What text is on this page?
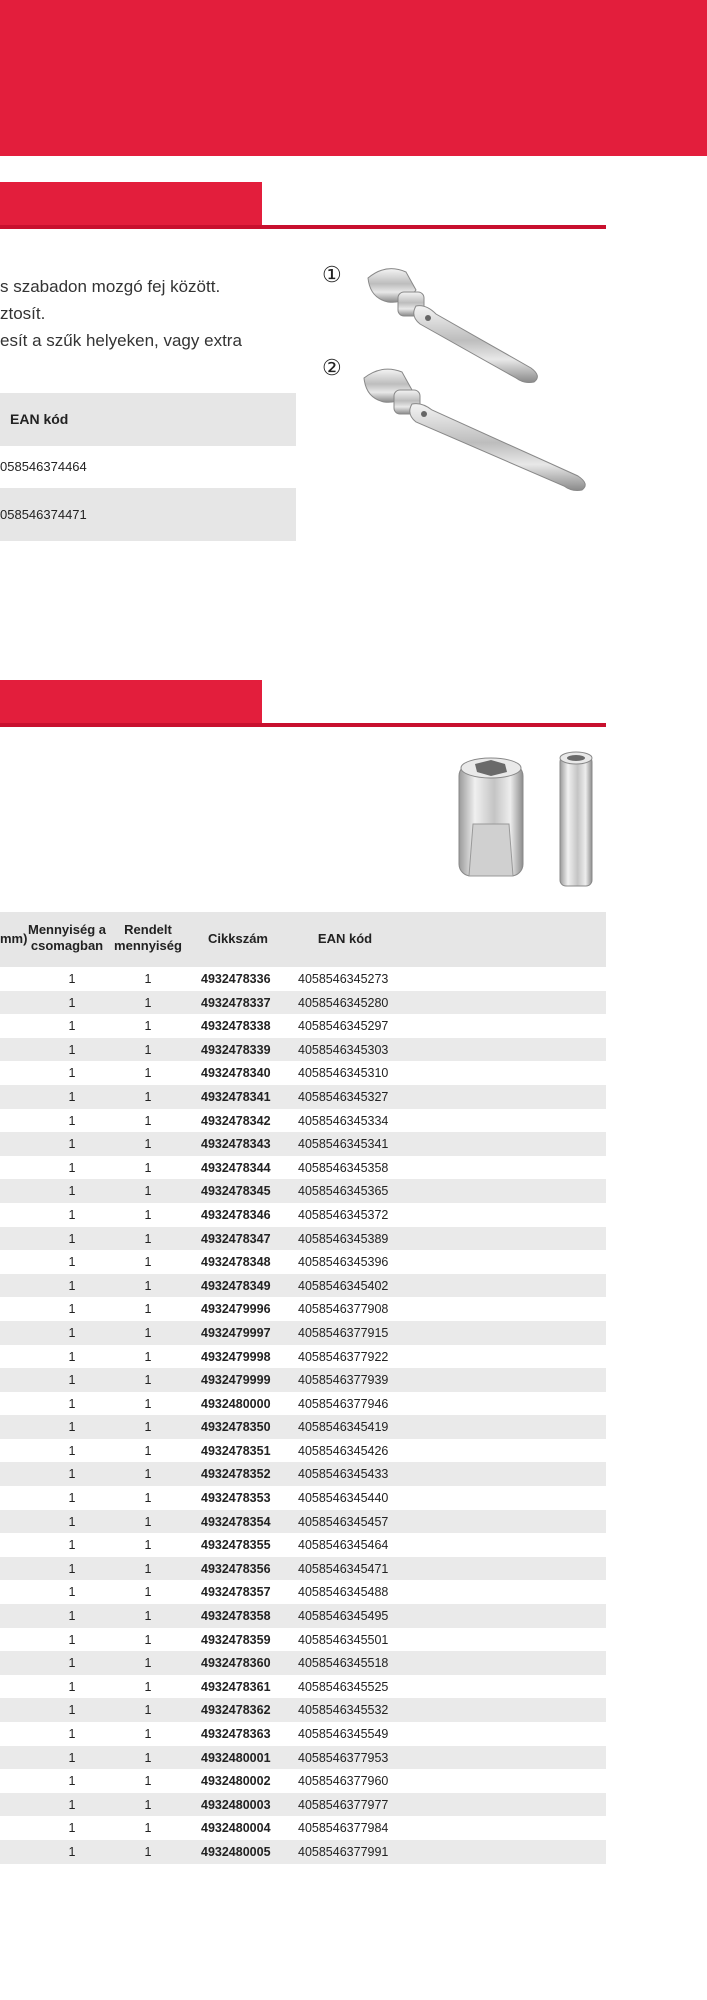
s szabadon mozgó fej között.
ztosít.
esít a szűk helyeken, vagy extra
EAN kód
058546374464
058546374471
①
②
mm)
Mennyiség a csomagban
Rendelt mennyiség	Cikkszám	EAN kód
1	1	4932478336 4058546345273
1	1	4932478337 4058546345280
1	1	4932478338 4058546345297
1	1	4932478339 4058546345303
1	1	4932478340 4058546345310
1	1	4932478341 4058546345327
1	1	4932478342 4058546345334
1	1	4932478343 4058546345341
1	1	4932478344 4058546345358
1	1	4932478345 4058546345365
1	1	4932478346 4058546345372
1	1	4932478347 4058546345389
1	1	4932478348 4058546345396
1	1	4932478349 4058546345402
1	1	4932479996 4058546377908
1	1	4932479997 4058546377915
1	1	4932479998 4058546377922
1	1	4932479999 4058546377939
1	1	4932480000 4058546377946
1	1	4932478350 4058546345419
1	1	4932478351 4058546345426
1	1	4932478352 4058546345433
1	1	4932478353 4058546345440
1	1	4932478354 4058546345457
1	1	4932478355 4058546345464
1	1	4932478356 4058546345471
1	1	4932478357 4058546345488
1	1	4932478358 4058546345495
1	1	4932478359 4058546345501
1	1	4932478360 4058546345518
1	1	4932478361 4058546345525
1	1	4932478362 4058546345532
1	1	4932478363 4058546345549
1	1	4932480001 4058546377953
1	1	4932480002 4058546377960
1	1	4932480003 4058546377977
1	1	4932480004 4058546377984
1	1	4932480005 4058546377991
